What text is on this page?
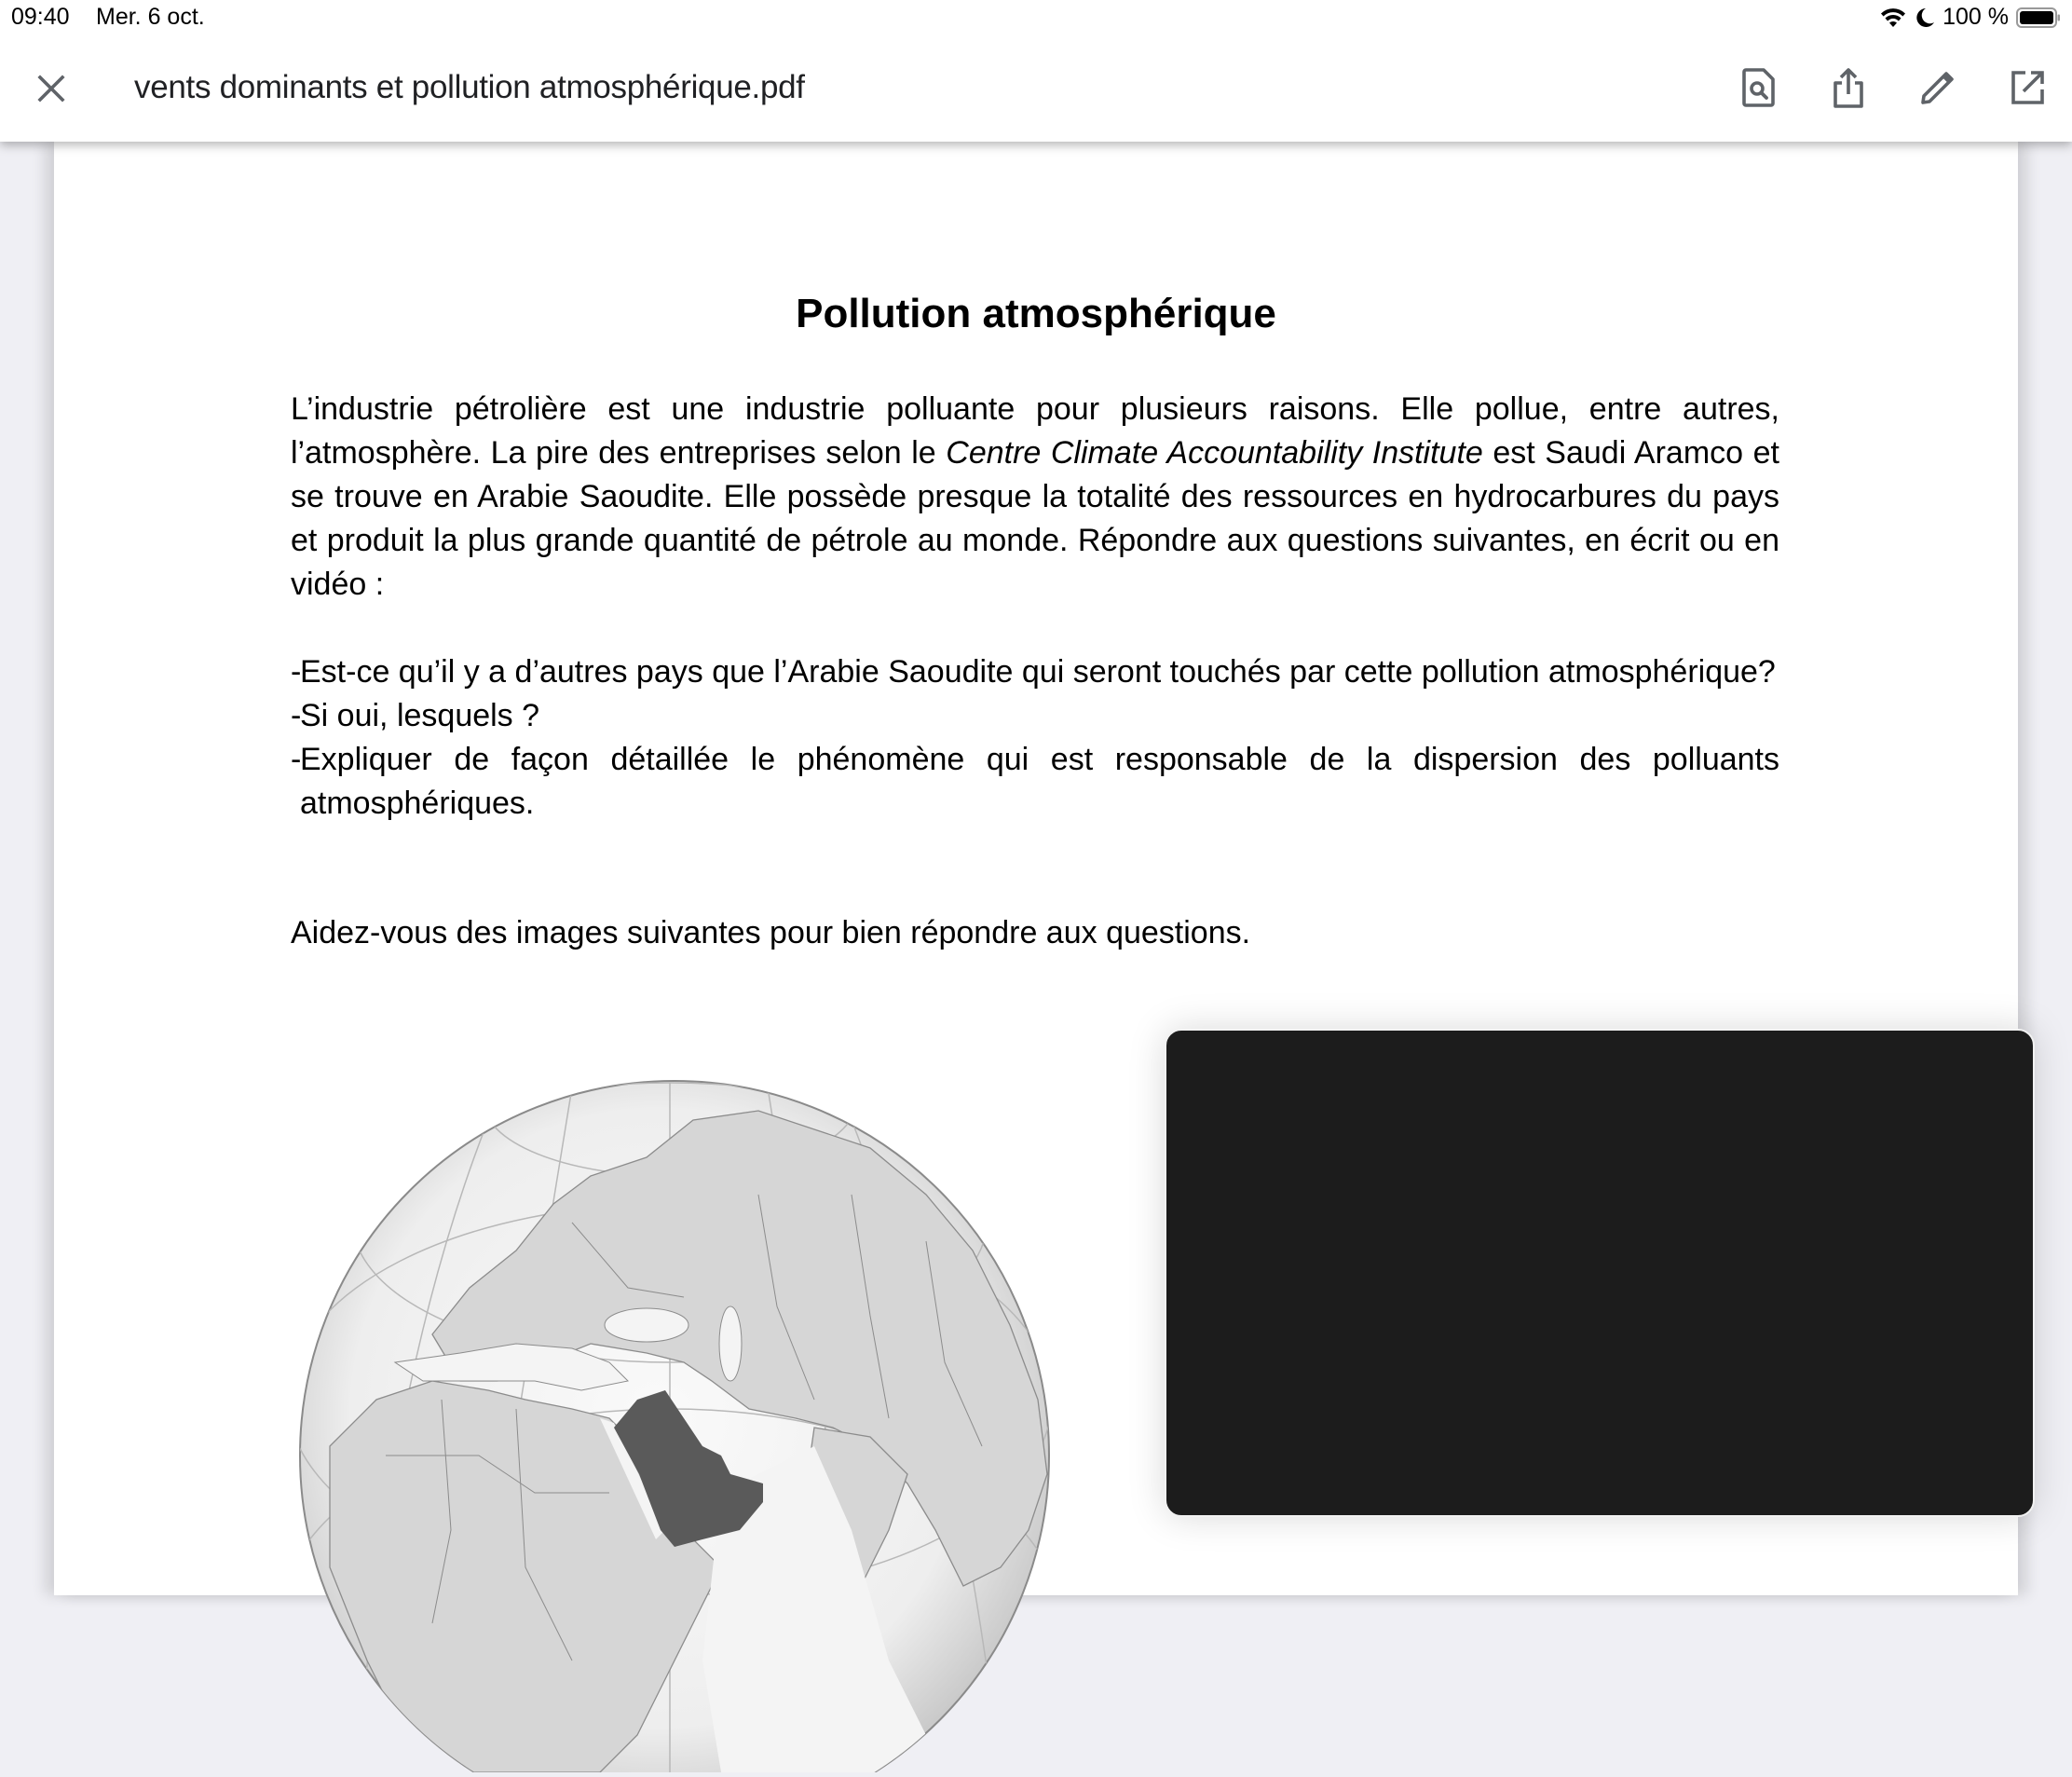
09:40 Mer. 6 oct.	100 %
vents dominants et pollution atmosphérique.pdf
Pollution atmosphérique
L’industrie pétrolière est une industrie polluante pour plusieurs raisons. Elle pollue, entre autres, l’atmosphère. La pire des entreprises selon le Centre Climate Accountability Institute est Saudi Aramco et se trouve en Arabie Saoudite. Elle possède presque la totalité des ressources en hydrocarbures du pays et produit la plus grande quantité de pétrole au monde. Répondre aux questions suivantes, en écrit ou en vidéo :
-
Est-ce qu’il y a d’autres pays que l’Arabie Saoudite qui seront touchés par cette pollution atmosphérique?
-
Si oui, lesquels ?
-
Expliquer de façon détaillée le phénomène qui est responsable de la dispersion des polluants atmosphériques.
Aidez-vous des images suivantes pour bien répondre aux questions.
